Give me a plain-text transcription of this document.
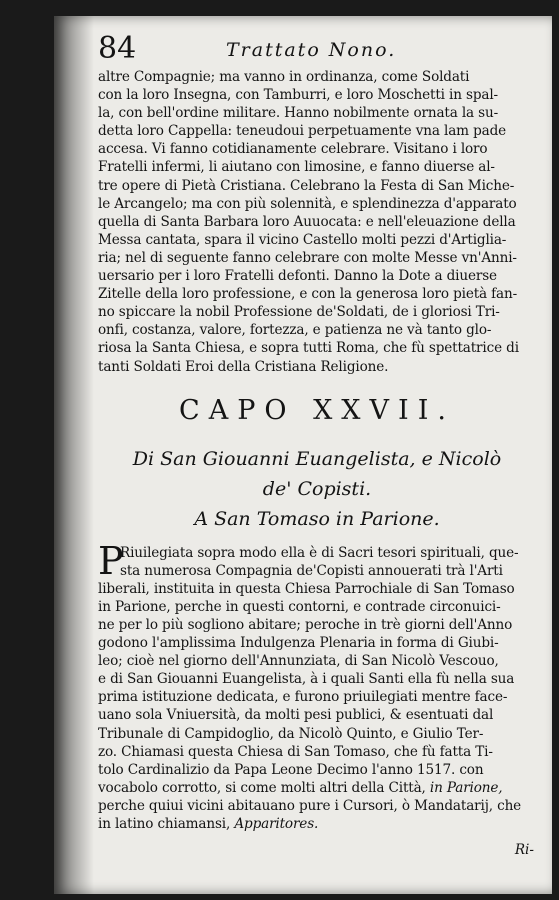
84	Trattato Nono.
altre Compagnie; ma vanno in ordinanza, come Soldati
con la loro Insegna, con Tamburri, e loro Moschetti in spal-
la, con bell'ordine militare. Hanno nobilmente ornata la su-
detta loro Cappella: teneudoui perpetuamente vna lam pade
accesa. Vi fanno cotidianamente celebrare. Visitano i loro
Fratelli infermi, li aiutano con limosine, e fanno diuerse al-
tre opere di Pietà Cristiana. Celebrano la Festa di San Miche-
le Arcangelo; ma con più solennità, e splendinezza d'apparato
quella di Santa Barbara loro Auuocata: e nell'eleuazione della
Messa cantata, spara il vicino Castello molti pezzi d'Artiglia-
ria; nel di seguente fanno celebrare con molte Messe vn'Anni-
uersario per i loro Fratelli defonti. Danno la Dote a diuerse
Zitelle della loro professione, e con la generosa loro pietà fan-
no spiccare la nobil Professione de'Soldati, de i gloriosi Tri-
onfi, costanza, valore, fortezza, e patienza ne và tanto glo-
riosa la Santa Chiesa, e sopra tutti Roma, che fù spettatrice di
tanti Soldati Eroi della Cristiana Religione.
CAPO XXVII.
Di San Giouanni Euangelista, e Nicolò
de' Copisti.
A San Tomaso in Parione.
P
Riuilegiata sopra modo ella è di Sacri tesori spirituali, que-
sta numerosa Compagnia de'Copisti annouerati trà l'Arti
liberali, instituita in questa Chiesa Parrochiale di San Tomaso
in Parione, perche in questi contorni, e contrade circonuici-
ne per lo più sogliono abitare; peroche in trè giorni dell'Anno
godono l'amplissima Indulgenza Plenaria in forma di Giubi-
leo; cioè nel giorno dell'Annunziata, di San Nicolò Vescouo,
e di San Giouanni Euangelista, à i quali Santi ella fù nella sua
prima istituzione dedicata, e furono priuilegiati mentre face-
uano sola Vniuersità, da molti pesi publici, & esentuati dal
Tribunale di Campidoglio, da Nicolò Quinto, e Giulio Ter-
zo. Chiamasi questa Chiesa di San Tomaso, che fù fatta Ti-
tolo Cardinalizio da Papa Leone Decimo l'anno 1517. con
vocabolo corrotto, si come molti altri della Città, in Parione,
perche quiui vicini abitauano pure i Cursori, ò Mandatarij, che
in latino chiamansi, Apparitores.
Ri-
